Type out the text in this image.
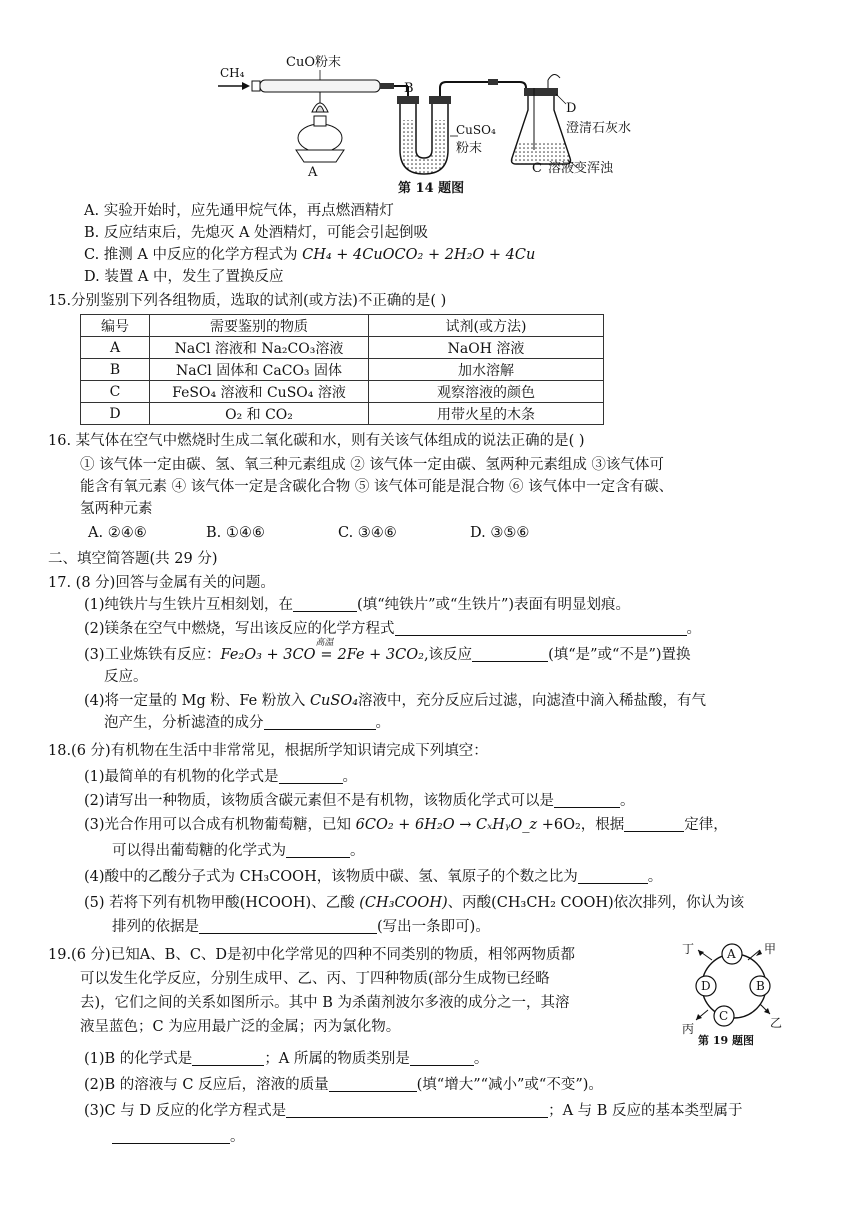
CH₄
CuO粉末
A
B
CuSO₄
粉末
D
澄清石灰水
C 溶液变浑浊
第 14 题图
A. 实验开始时，应先通甲烷气体，再点燃酒精灯
B. 反应结束后，先熄灭 A 处酒精灯，可能会引起倒吸
C. 推测 A 中反应的化学方程式为 CH₄ + 4CuOCO₂ + 2H₂O + 4Cu
D. 装置 A 中，发生了置换反应
15.分别鉴别下列各组物质，选取的试剂(或方法)不正确的是( )
编号	需要鉴别的物质	试剂(或方法)
A	NaCl 溶液和 Na₂CO₃溶液	NaOH 溶液
B	NaCl 固体和 CaCO₃ 固体	加水溶解
C	FeSO₄ 溶液和 CuSO₄ 溶液	观察溶液的颜色
D	O₂ 和 CO₂	用带火星的木条
16. 某气体在空气中燃烧时生成二氧化碳和水，则有关该气体组成的说法正确的是( )
① 该气体一定由碳、氢、氧三种元素组成 ② 该气体一定由碳、氢两种元素组成 ③该气体可
能含有氧元素 ④ 该气体一定是含碳化合物 ⑤ 该气体可能是混合物 ⑥ 该气体中一定含有碳、
氢两种元素
A. ②④⑥	B. ①④⑥	C. ③④⑥	D. ③⑤⑥
二、填空简答题(共 29 分)
17. (8 分)回答与金属有关的问题。
(1)纯铁片与生铁片互相刻划，在	(填“纯铁片”或“生铁片”)表面有明显划痕。
(2)镁条在空气中燃烧，写出该反应的化学方程式	。
(3)工业炼铁有反应：Fe₂O₃ + 3CO
高温
= 2Fe + 3CO₂,该反应	(填“是”或“不是”)置换
反应。
(4)将一定量的 Mg 粉、Fe 粉放入 CuSO₄溶液中，充分反应后过滤，向滤渣中滴入稀盐酸，有气
泡产生，分析滤渣的成分	。
18.(6 分)有机物在生活中非常常见，根据所学知识请完成下列填空：
(1)最简单的有机物的化学式是	。
(2)请写出一种物质，该物质含碳元素但不是有机物，该物质化学式可以是	。
(3)光合作用可以合成有机物葡萄糖，已知 6CO₂ + 6H₂O → CₓHᵧO_z +6O₂，根据	定律，
可以得出葡萄糖的化学式为	。
(4)酸中的乙酸分子式为 CH₃COOH，该物质中碳、氢、氧原子的个数之比为	。
(5) 若将下列有机物甲酸(HCOOH)、乙酸 (CH₃COOH)、丙酸(CH₃CH₂ COOH)依次排列，你认为该
排列的依据是	(写出一条即可)。
19.(6 分)已知A、B、C、D是初中化学常见的四种不同类别的物质，相邻两物质都
可以发生化学反应，分别生成甲、乙、丙、丁四种物质(部分生成物已经略
去)，它们之间的关系如图所示。其中 B 为杀菌剂波尔多液的成分之一，其溶
液呈蓝色；C 为应用最广泛的金属；丙为氯化物。
A
B
C
D
甲
乙
丙
丁
第 19 题图
(1)B 的化学式是	；A 所属的物质类别是	。
(2)B 的溶液与 C 反应后，溶液的质量	(填“增大”“减小”或“不变”)。
(3)C 与 D 反应的化学方程式是	；A 与 B 反应的基本类型属于
。
